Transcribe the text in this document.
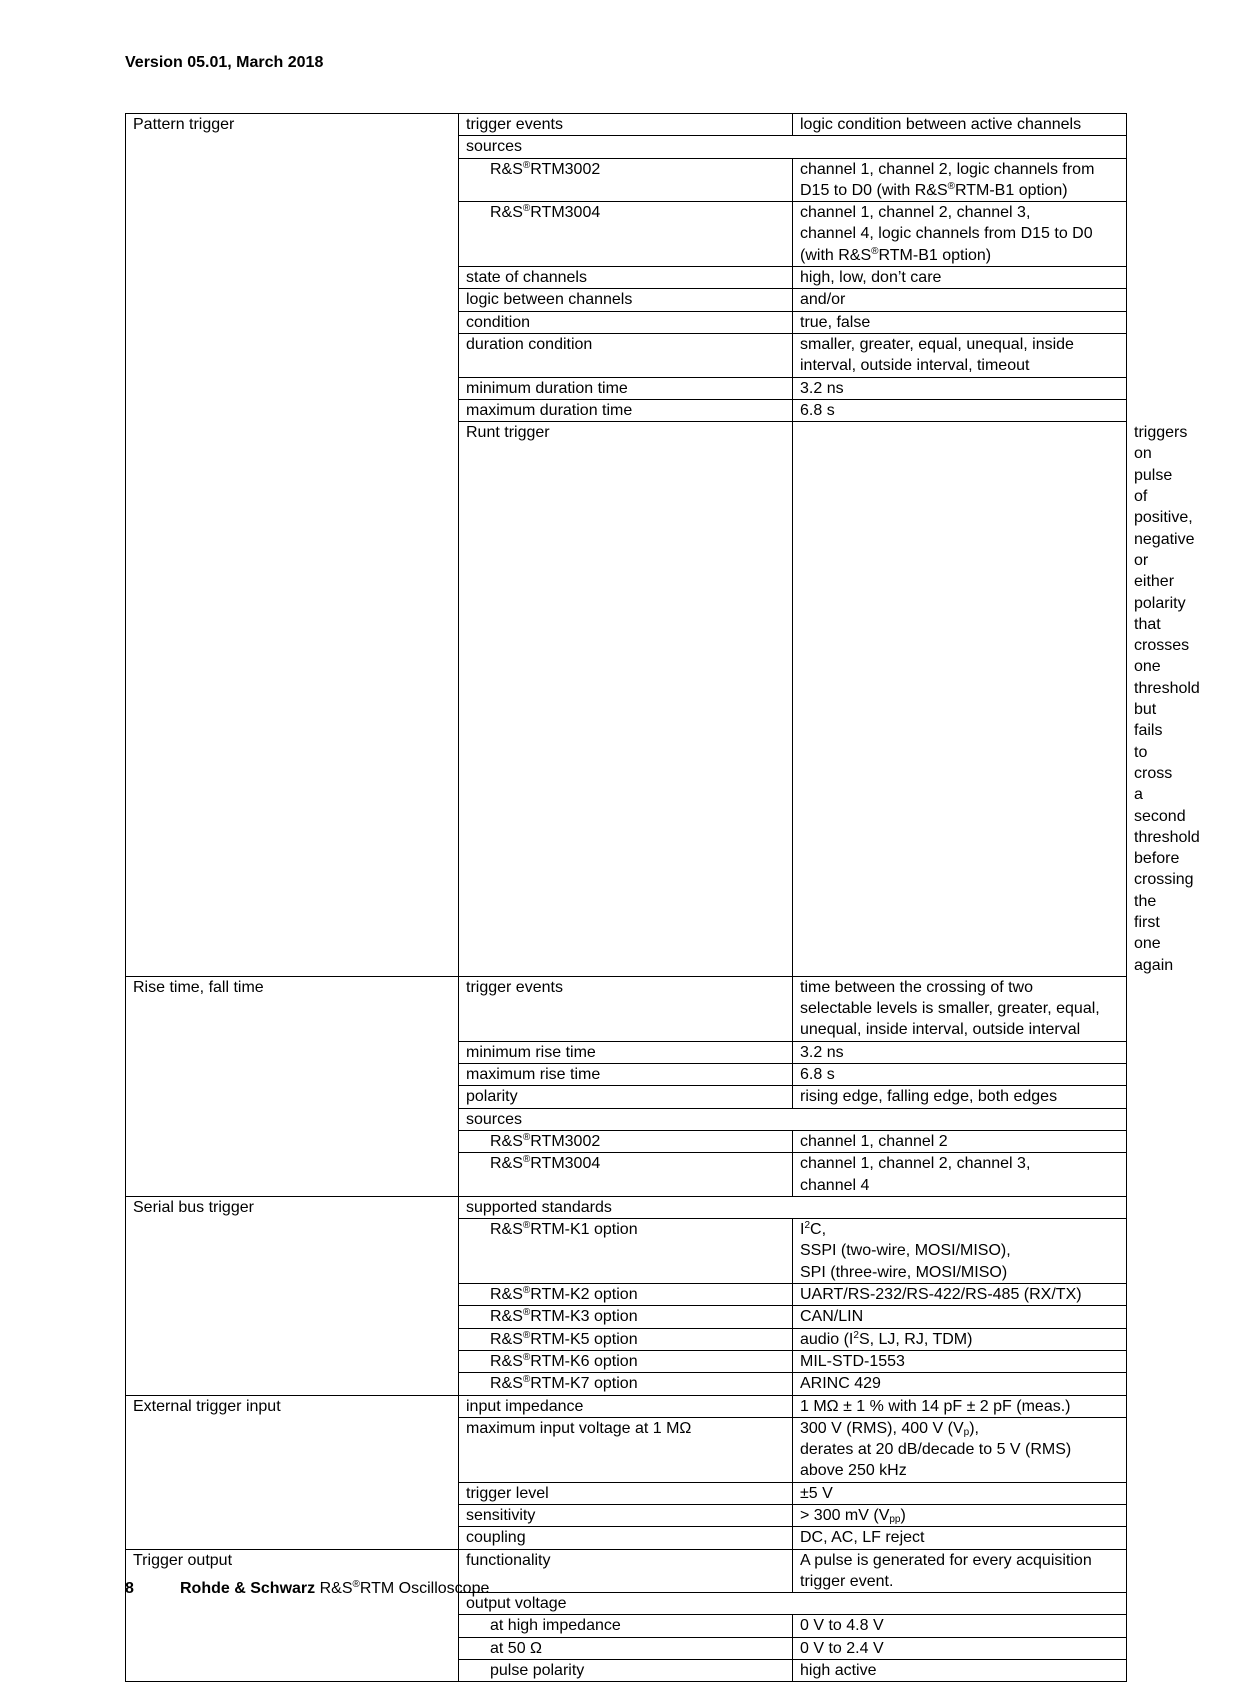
Version 05.01, March 2018
Pattern trigger	trigger events	logic condition between active channels	
	sources		
	R&S®RTM3002	channel 1, channel 2, logic channels from
D15 to D0 (with R&S®RTM-B1 option)	
	R&S®RTM3004	channel 1, channel 2, channel 3,
channel 4, logic channels from D15 to D0
(with R&S®RTM-B1 option)	
	state of channels	high, low, don’t care	
	logic between channels	and/or	
	condition	true, false	
	duration condition	smaller, greater, equal, unequal, inside
interval, outside interval, timeout	
	minimum duration time	3.2 ns	
	maximum duration time	6.8 s	
	Runt trigger		triggers on pulse of positive, negative or
either polarity that crosses one threshold
but fails to cross a second threshold
before crossing the first one again
Rise time, fall time	trigger events	time between the crossing of two
selectable levels is smaller, greater, equal,
unequal, inside interval, outside interval	
	minimum rise time	3.2 ns	
	maximum rise time	6.8 s	
	polarity	rising edge, falling edge, both edges	
	sources		
	R&S®RTM3002	channel 1, channel 2	
	R&S®RTM3004	channel 1, channel 2, channel 3,
channel 4	
Serial bus trigger	supported standards		
	R&S®RTM-K1 option	$I^2C$,
SSPI (two-wire, MOSI/MISO),
SPI (three-wire, MOSI/MISO)	
	R&S®RTM-K2 option	UART/RS-232/RS-422/RS-485 (RX/TX)	
	R&S®RTM-K3 option	CAN/LIN	
	R&S®RTM-K5 option	audio ($I^2S$, LJ, RJ, TDM)	
	R&S®RTM-K6 option	MIL-STD-1553	
	R&S®RTM-K7 option	ARINC 429	
External trigger input	input impedance	1 MΩ ± 1 % with 14 pF ± 2 pF (meas.)	
	maximum input voltage at 1 MΩ	300 V (RMS), 400 V $(V_p)$,
derates at 20 dB/decade to 5 V (RMS)
above 250 kHz	
	trigger level	±5 V	
	sensitivity	> 300 mV $(V_{pp})$	
	coupling	DC, AC, LF reject	
Trigger output	functionality	A pulse is generated for every acquisition
trigger event.	
	output voltage		
	at high impedance	0 V to 4.8 V	
	at 50 Ω	0 V to 2.4 V	
	pulse polarity	high active	
8	Rohde & Schwarz R&S®RTM Oscilloscope
